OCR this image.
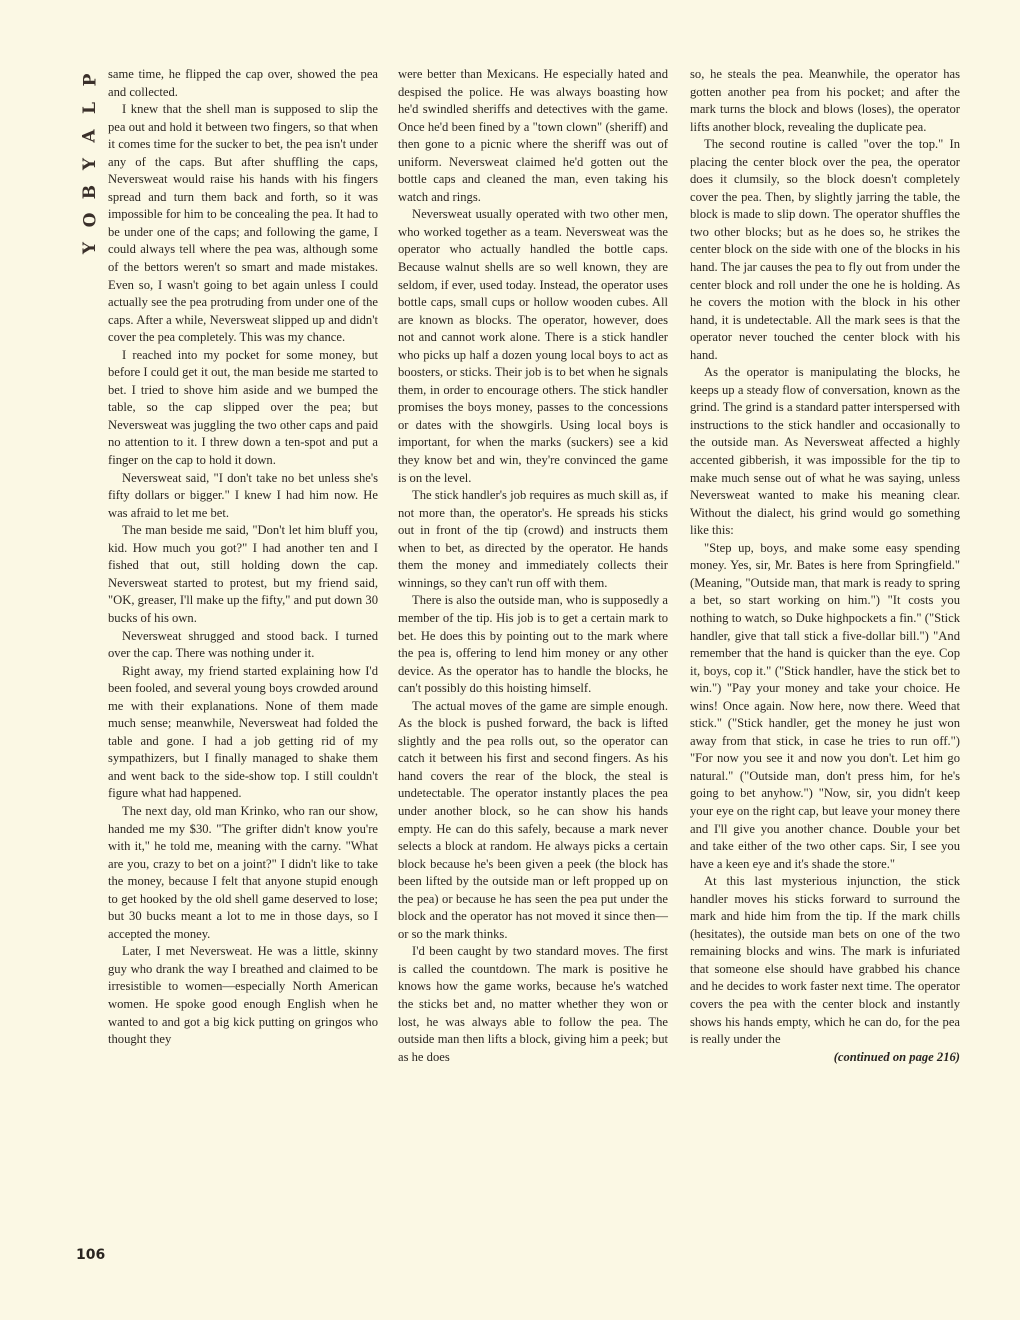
P
L
A
Y
B
O
Y
106

same time, he flipped the cap over, showed the pea and collected.

I knew that the shell man is supposed to slip the pea out and hold it between two fingers, so that when it comes time for the sucker to bet, the pea isn't under any of the caps. But after shuffling the caps, Neversweat would raise his hands with his fingers spread and turn them back and forth, so it was impossible for him to be concealing the pea. It had to be under one of the caps; and following the game, I could always tell where the pea was, although some of the bettors weren't so smart and made mistakes. Even so, I wasn't going to bet again unless I could actually see the pea protruding from under one of the caps. After a while, Neversweat slipped up and didn't cover the pea completely. This was my chance.

I reached into my pocket for some money, but before I could get it out, the man beside me started to bet. I tried to shove him aside and we bumped the table, so the cap slipped over the pea; but Neversweat was juggling the two other caps and paid no attention to it. I threw down a ten-spot and put a finger on the cap to hold it down.

Neversweat said, "I don't take no bet unless she's fifty dollars or bigger." I knew I had him now. He was afraid to let me bet.

The man beside me said, "Don't let him bluff you, kid. How much you got?" I had another ten and I fished that out, still holding down the cap. Neversweat started to protest, but my friend said, "OK, greaser, I'll make up the fifty," and put down 30 bucks of his own.

Neversweat shrugged and stood back. I turned over the cap. There was nothing under it.

Right away, my friend started explaining how I'd been fooled, and several young boys crowded around me with their explanations. None of them made much sense; meanwhile, Neversweat had folded the table and gone. I had a job getting rid of my sympathizers, but I finally managed to shake them and went back to the side-show top. I still couldn't figure what had happened.

The next day, old man Krinko, who ran our show, handed me my $30. "The grifter didn't know you're with it," he told me, meaning with the carny. "What are you, crazy to bet on a joint?" I didn't like to take the money, because I felt that anyone stupid enough to get hooked by the old shell game deserved to lose; but 30 bucks meant a lot to me in those days, so I accepted the money.

Later, I met Neversweat. He was a little, skinny guy who drank the way I breathed and claimed to be irresistible to women—especially North American women. He spoke good enough English when he wanted to and got a big kick putting on gringos who thought they

were better than Mexicans. He especially hated and despised the police. He was always boasting how he'd swindled sheriffs and detectives with the game. Once he'd been fined by a "town clown" (sheriff) and then gone to a picnic where the sheriff was out of uniform. Neversweat claimed he'd gotten out the bottle caps and cleaned the man, even taking his watch and rings.

Neversweat usually operated with two other men, who worked together as a team. Neversweat was the operator who actually handled the bottle caps. Because walnut shells are so well known, they are seldom, if ever, used today. Instead, the operator uses bottle caps, small cups or hollow wooden cubes. All are known as blocks. The operator, however, does not and cannot work alone. There is a stick handler who picks up half a dozen young local boys to act as boosters, or sticks. Their job is to bet when he signals them, in order to encourage others. The stick handler promises the boys money, passes to the concessions or dates with the showgirls. Using local boys is important, for when the marks (suckers) see a kid they know bet and win, they're convinced the game is on the level.

The stick handler's job requires as much skill as, if not more than, the operator's. He spreads his sticks out in front of the tip (crowd) and instructs them when to bet, as directed by the operator. He hands them the money and immediately collects their winnings, so they can't run off with them.

There is also the outside man, who is supposedly a member of the tip. His job is to get a certain mark to bet. He does this by pointing out to the mark where the pea is, offering to lend him money or any other device. As the operator has to handle the blocks, he can't possibly do this hoisting himself.

The actual moves of the game are simple enough. As the block is pushed forward, the back is lifted slightly and the pea rolls out, so the operator can catch it between his first and second fingers. As his hand covers the rear of the block, the steal is undetectable. The operator instantly places the pea under another block, so he can show his hands empty. He can do this safely, because a mark never selects a block at random. He always picks a certain block because he's been given a peek (the block has been lifted by the outside man or left propped up on the pea) or because he has seen the pea put under the block and the operator has not moved it since then—or so the mark thinks.

I'd been caught by two standard moves. The first is called the countdown. The mark is positive he knows how the game works, because he's watched the sticks bet and, no matter whether they won or lost, he was always able to follow the pea. The outside man then lifts a block, giving him a peek; but as he does

so, he steals the pea. Meanwhile, the operator has gotten another pea from his pocket; and after the mark turns the block and blows (loses), the operator lifts another block, revealing the duplicate pea.

The second routine is called "over the top." In placing the center block over the pea, the operator does it clumsily, so the block doesn't completely cover the pea. Then, by slightly jarring the table, the block is made to slip down. The operator shuffles the two other blocks; but as he does so, he strikes the center block on the side with one of the blocks in his hand. The jar causes the pea to fly out from under the center block and roll under the one he is holding. As he covers the motion with the block in his other hand, it is undetectable. All the mark sees is that the operator never touched the center block with his hand.

As the operator is manipulating the blocks, he keeps up a steady flow of conversation, known as the grind. The grind is a standard patter interspersed with instructions to the stick handler and occasionally to the outside man. As Neversweat affected a highly accented gibberish, it was impossible for the tip to make much sense out of what he was saying, unless Neversweat wanted to make his meaning clear. Without the dialect, his grind would go something like this:

"Step up, boys, and make some easy spending money. Yes, sir, Mr. Bates is here from Springfield." (Meaning, "Outside man, that mark is ready to spring a bet, so start working on him.") "It costs you nothing to watch, so Duke highpockets a fin." ("Stick handler, give that tall stick a five-dollar bill.") "And remember that the hand is quicker than the eye. Cop it, boys, cop it." ("Stick handler, have the stick bet to win.") "Pay your money and take your choice. He wins! Once again. Now here, now there. Weed that stick." ("Stick handler, get the money he just won away from that stick, in case he tries to run off.") "For now you see it and now you don't. Let him go natural." ("Outside man, don't press him, for he's going to bet anyhow.") "Now, sir, you didn't keep your eye on the right cap, but leave your money there and I'll give you another chance. Double your bet and take either of the two other caps. Sir, I see you have a keen eye and it's shade the store."

At this last mysterious injunction, the stick handler moves his sticks forward to surround the mark and hide him from the tip. If the mark chills (hesitates), the outside man bets on one of the two remaining blocks and wins. The mark is infuriated that someone else should have grabbed his chance and he decides to work faster next time. The operator covers the pea with the center block and instantly shows his hands empty, which he can do, for the pea is really under the

(continued on page 216)
